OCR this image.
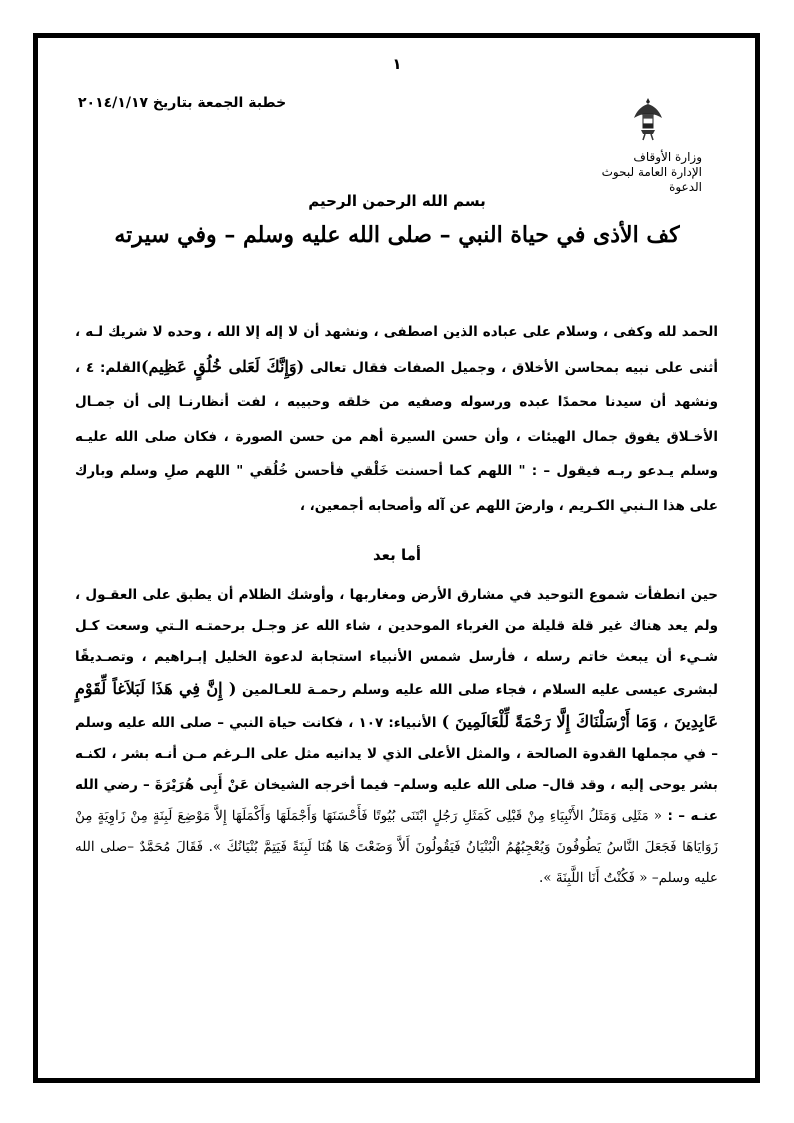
١
خطبة الجمعة بتاريخ ٢٠١٤/١/١٧
وزارة الأوقاف
الإدارة العامة لبحوث الدعوة
بسم الله الرحمن الرحيم
كف الأذى في حياة النبي – صلى الله عليه وسلم – وفي سيرته

الحمد لله وكفى ، وسلام على عباده الذين اصطفى ، ونشهد أن لا إله إلا الله ، وحده لا شريك لـه ، أثنى على نبيه بمحاسن الأخلاق ، وجميل الصفات فقال تعالى (وَإِنَّكَ لَعَلى خُلُقٍ عَظِيم)القلم: ٤ ، ونشهد أن سيدنا محمدًا عبده ورسوله وصفيه من خلقه وحبيبه ، لفت أنظارنـا إلى أن جمـال الأخـلاق يفوق جمال الهيئات ، وأن حسن السيرة أهم من حسن الصورة ، فكان صلى الله عليـه وسلم يـدعو ربـه فيقول – : " اللهم كما أحسنت خَلْقي فأحسن خُلُقي " اللهم صلِ وسلم وبارك على هذا الـنبي الكـريم ، وارضَ اللهم عن آله وأصحابه أجمعين، ،

أما بعد

حين انطفأت شموع التوحيد في مشارق الأرض ومغاربها ، وأوشك الظلام أن يطبق على العقـول ، ولم يعد هناك غير قلة قليلة من الغرباء الموحدين ، شاء الله عز وجـل برحمتـه الـتي وسعت كـل شـيء أن يبعث خاتم رسله ، فأرسل شمس الأنبياء استجابة لدعوة الخليل إبـراهيم ، وتصـديقًا لبشرى عيسى عليه السلام ، فجاء صلى الله عليه وسلم رحمـة للعـالمين ( إِنَّ فِي هَذَا لَبَلاَغاً لِّقَوْمٍ عَابِدِينَ ، وَمَا أَرْسَلْنَاكَ إِلَّا رَحْمَةً لِّلْعَالَمِينَ ) الأنبياء: ١٠٧ ، فكانت حياة النبي – صلى الله عليه وسلم – في مجملها القدوة الصالحة ، والمثل الأعلى الذي لا يدانيه مثل على الـرغم مـن أنـه بشر ، لكنـه بشر يوحى إليه ، وقد قال– صلى الله عليه وسلم– فيما أخرجه الشيخان عَنْ أَبِى هُرَيْرَةَ – رضي الله عنـه – : « مَثَلِى وَمَثَلُ الأَنْبِيَاءِ مِنْ قَبْلِى كَمَثَلِ رَجُلٍ ابْتَنَى بُيُوتًا فَأَحْسَنَهَا وَأَجْمَلَهَا وَأَكْمَلَهَا إِلاَّ مَوْضِعَ لَبِنَةٍ مِنْ زَاوِيَةٍ مِنْ زَوَايَاهَا فَجَعَلَ النَّاسُ يَطُوفُونَ وَيُعْجِبُهُمُ الْبُنْيَانُ فَيَقُولُونَ أَلاَّ وَضَعْتَ هَا هُنَا لَبِنَةً فَيَتِمَّ بُنْيَانُكَ ». فَقَالَ مُحَمَّدٌ –صلى الله عليه وسلم– « فَكُنْتُ أَنَا اللَّبِنَةَ ».
